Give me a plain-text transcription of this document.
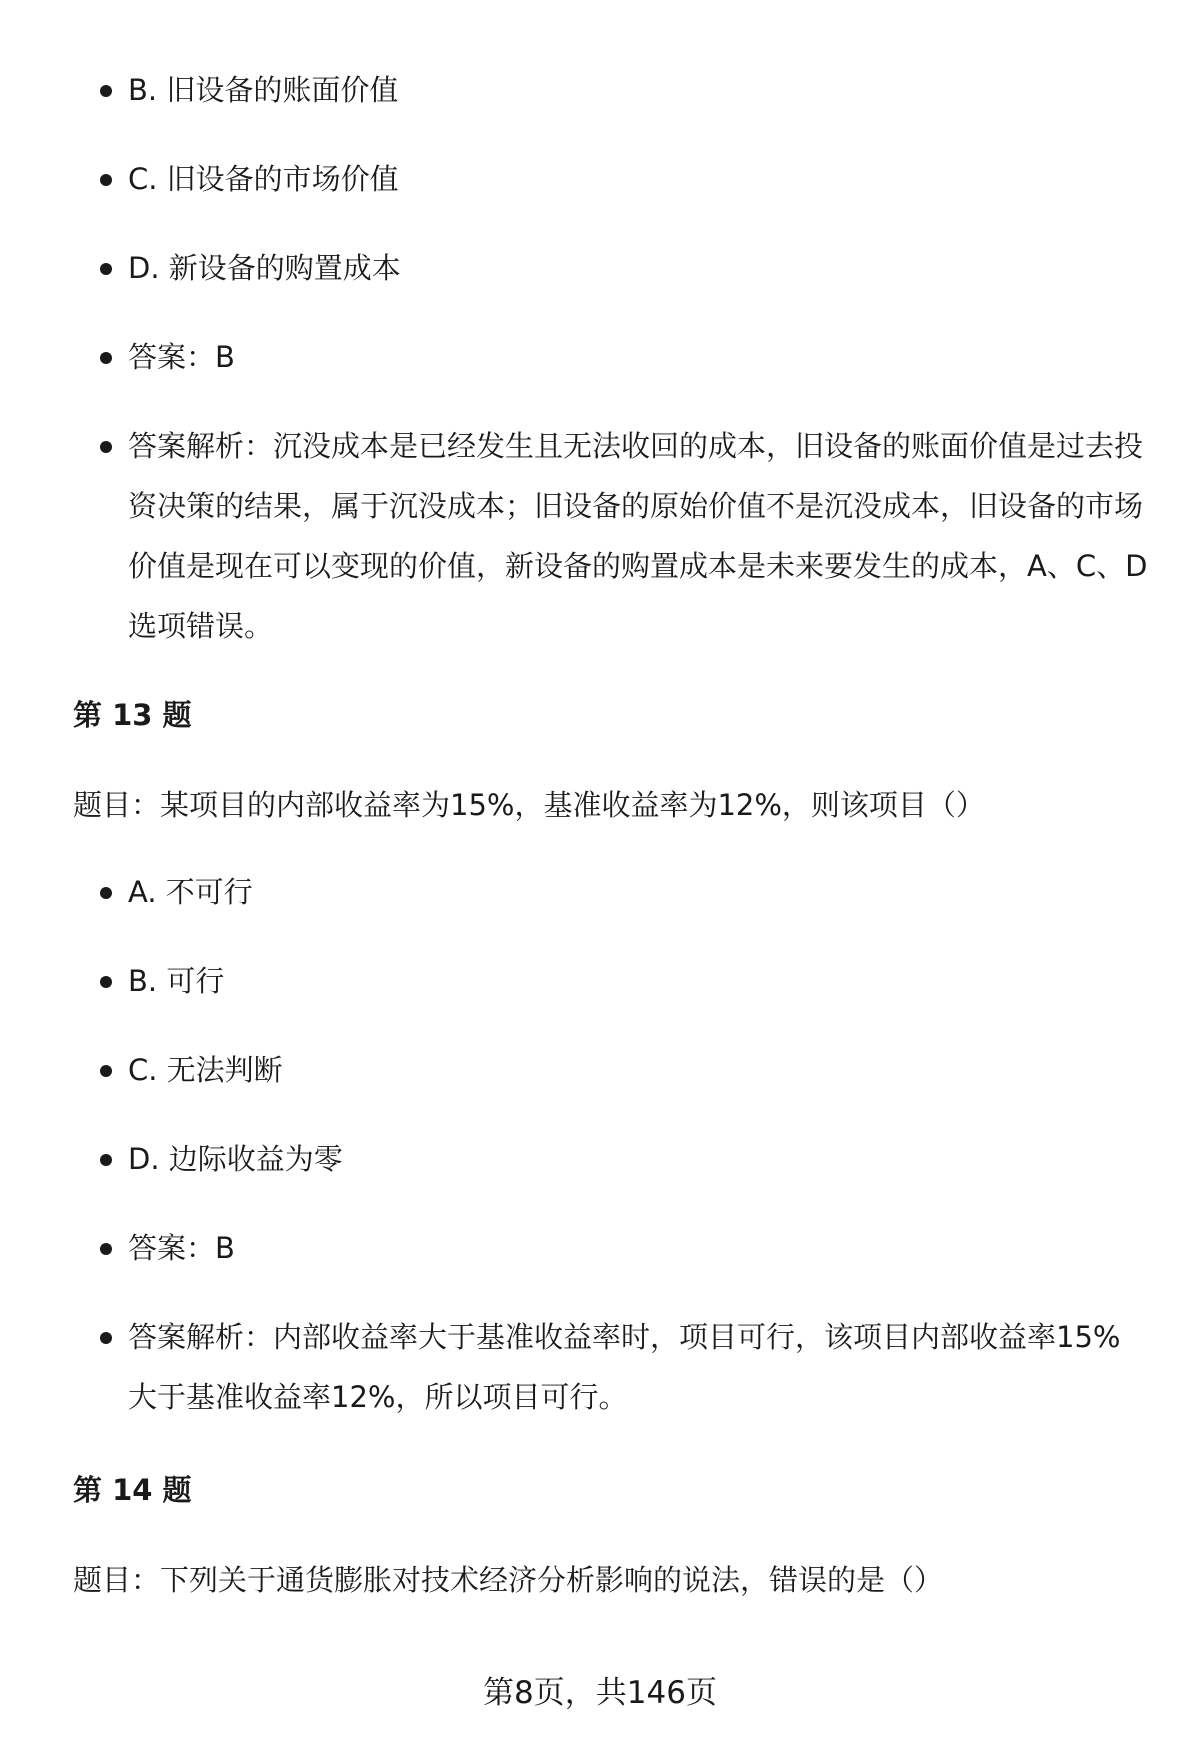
B. 旧设备的账面价值
C. 旧设备的市场价值
D. 新设备的购置成本
答案：B
答案解析：沉没成本是已经发生且无法收回的成本，旧设备的账面价值是过去投资决策的结果，属于沉没成本；旧设备的原始价值不是沉没成本，旧设备的市场价值是现在可以变现的价值，新设备的购置成本是未来要发生的成本，A、C、D选项错误。
第 13 题

题目：某项目的内部收益率为15%，基准收益率为12%，则该项目（）

A. 不可行
B. 可行
C. 无法判断
D. 边际收益为零
答案：B
答案解析：内部收益率大于基准收益率时，项目可行，该项目内部收益率15%大于基准收益率12%，所以项目可行。
第 14 题

题目：下列关于通货膨胀对技术经济分析影响的说法，错误的是（）

第8页，共146页
